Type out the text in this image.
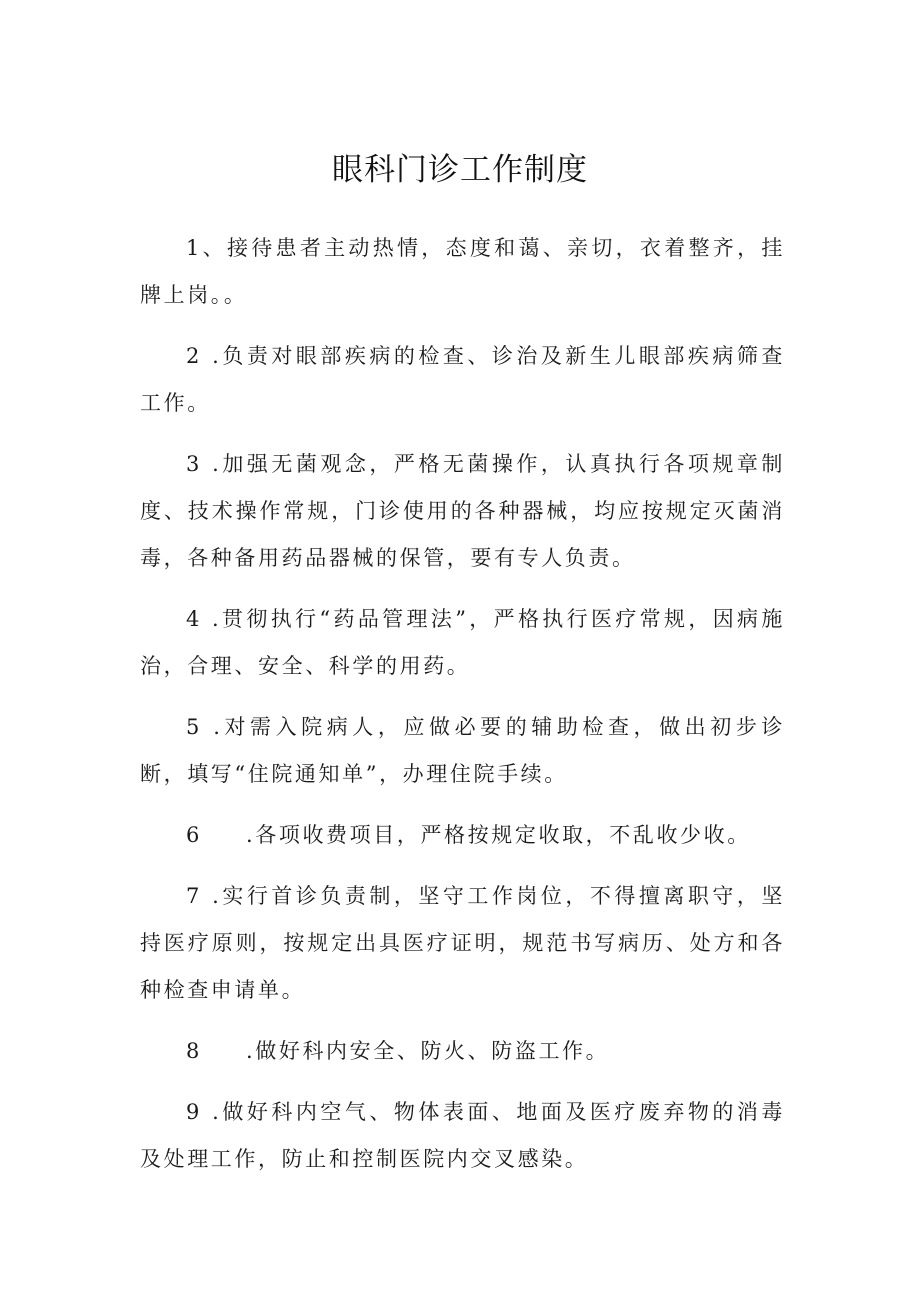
眼科门诊工作制度

1、接待患者主动热情，态度和蔼、亲切，衣着整齐，挂牌上岗。。

2 .负责对眼部疾病的检查、诊治及新生儿眼部疾病筛查工作。

3 .加强无菌观念，严格无菌操作，认真执行各项规章制度、技术操作常规，门诊使用的各种器械，均应按规定灭菌消毒，各种备用药品器械的保管，要有专人负责。

4 .贯彻执行“药品管理法”，严格执行医疗常规，因病施治，合理、安全、科学的用药。

5 .对需入院病人，应做必要的辅助检查，做出初步诊断，填写“住院通知单”，办理住院手续。

6 .各项收费项目，严格按规定收取，不乱收少收。

7 .实行首诊负责制，坚守工作岗位，不得擅离职守，坚持医疗原则，按规定出具医疗证明，规范书写病历、处方和各种检查申请单。

8 .做好科内安全、防火、防盗工作。

9 .做好科内空气、物体表面、地面及医疗废弃物的消毒及处理工作，防止和控制医院内交叉感染。
